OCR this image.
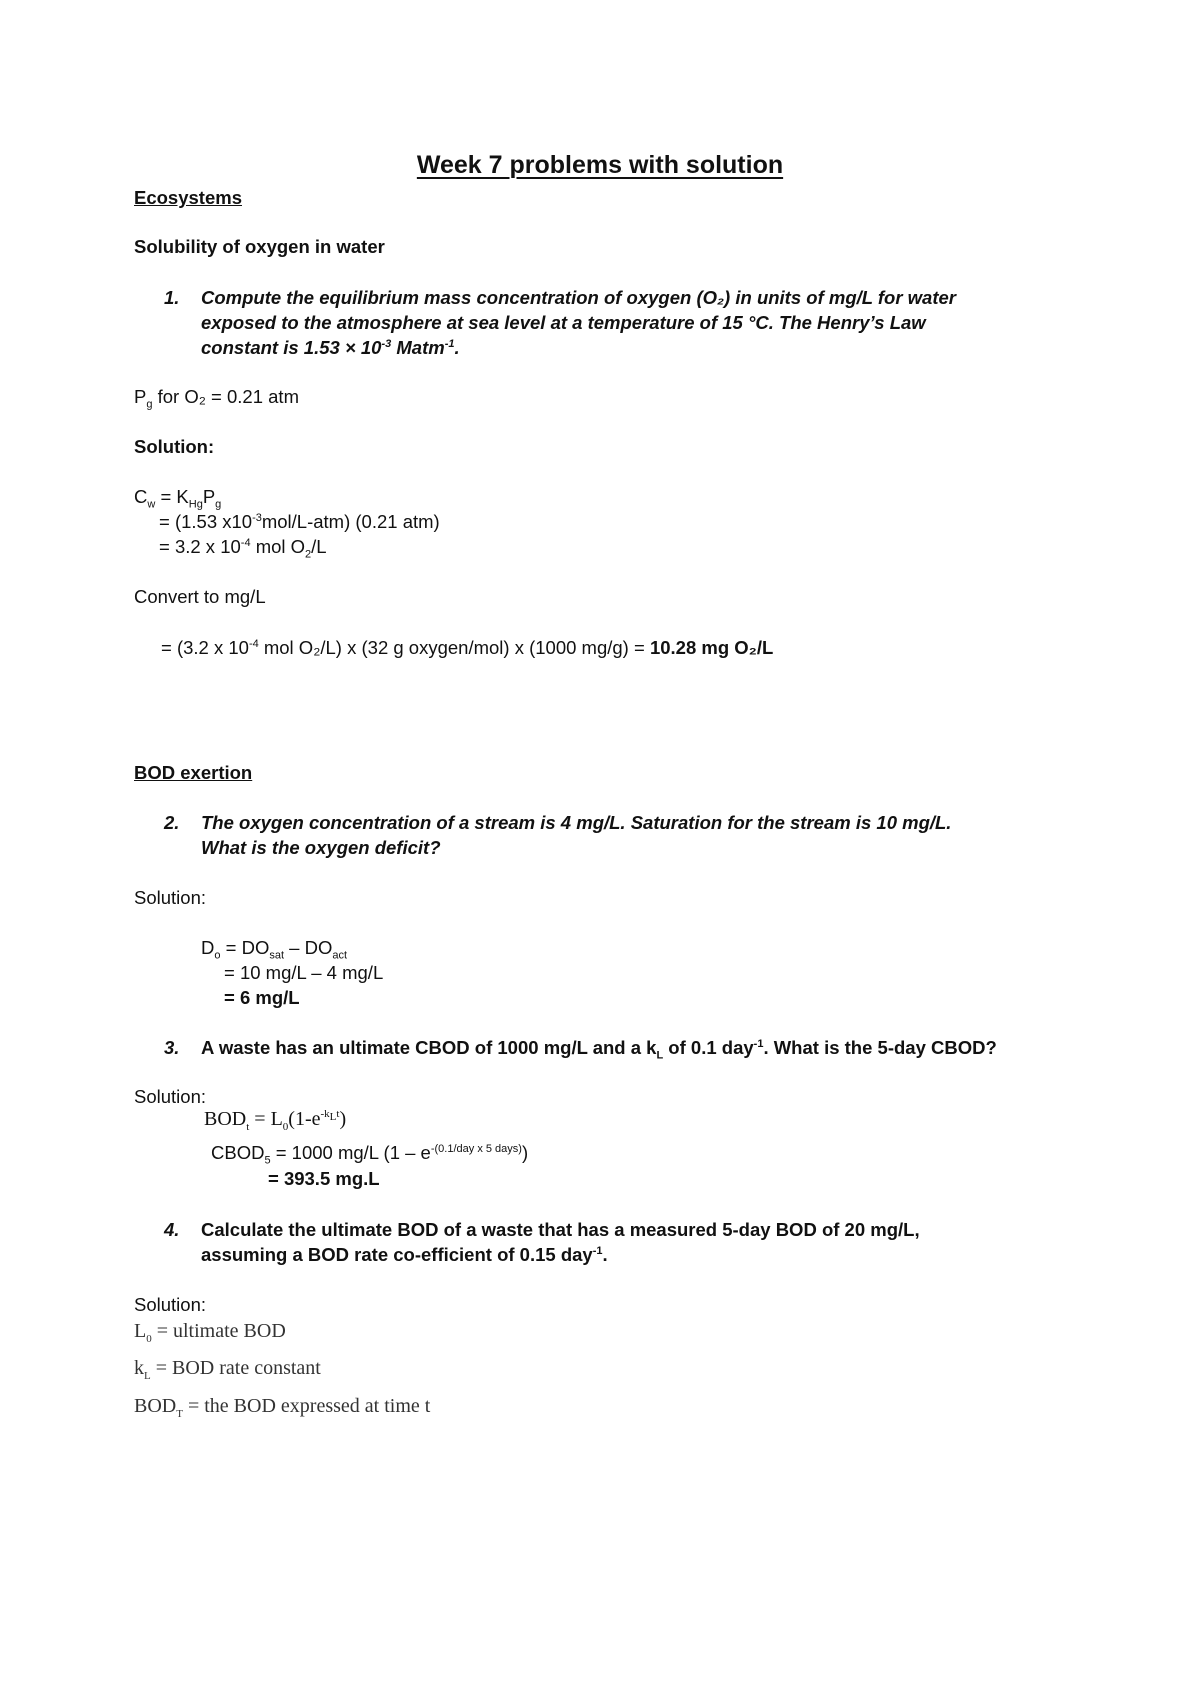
Week 7 problems with solution
Ecosystems
Solubility of oxygen in water
1. Compute the equilibrium mass concentration of oxygen (O₂) in units of mg/L for water
exposed to the atmosphere at sea level at a temperature of 15 °C. The Henry’s Law
constant is $1.53 \times 10^{-3}$ Matm$^{-1}$.
$P_g$ for O₂ = 0.21 atm
Solution:
$C_w = K_{Hg}P_g$
= (1.53 $x10^{-3}mol/L-atm$) (0.21 atm)
= 3.2 x $10^{-4}$ mol $O_2/L$
Convert to mg/L
= (3.2 x $10^{-4}$ mol O₂/L) x (32 g oxygen/mol) x (1000 mg/g) = 10.28 mg O₂/L
BOD exertion
2. The oxygen concentration of a stream is 4 mg/L. Saturation for the stream is 10 mg/L.
What is the oxygen deficit?
Solution:
$D_o = DO_{sat} - DO_{act}$
= 10 mg/L – 4 mg/L
= 6 mg/L
3. A waste has an ultimate CBOD of 1000 mg/L and a $k_L$ of 0.1 day$^{-1}$. What is the 5-day CBOD?
Solution:
$BOD_t = L_0(1-e^{-k_Lt})$
$CBOD_5 = 1000$ mg/L $(1 - e^{-(0.1/day x 5 days)})$
= 393.5 mg.L
4. Calculate the ultimate BOD of a waste that has a measured 5-day BOD of 20 mg/L,
assuming a BOD rate co-efficient of 0.15 day$^{-1}$.
Solution:
$L_0$ = ultimate BOD
$k_L$ = BOD rate constant
$BOD_T$ = the BOD expressed at time t
